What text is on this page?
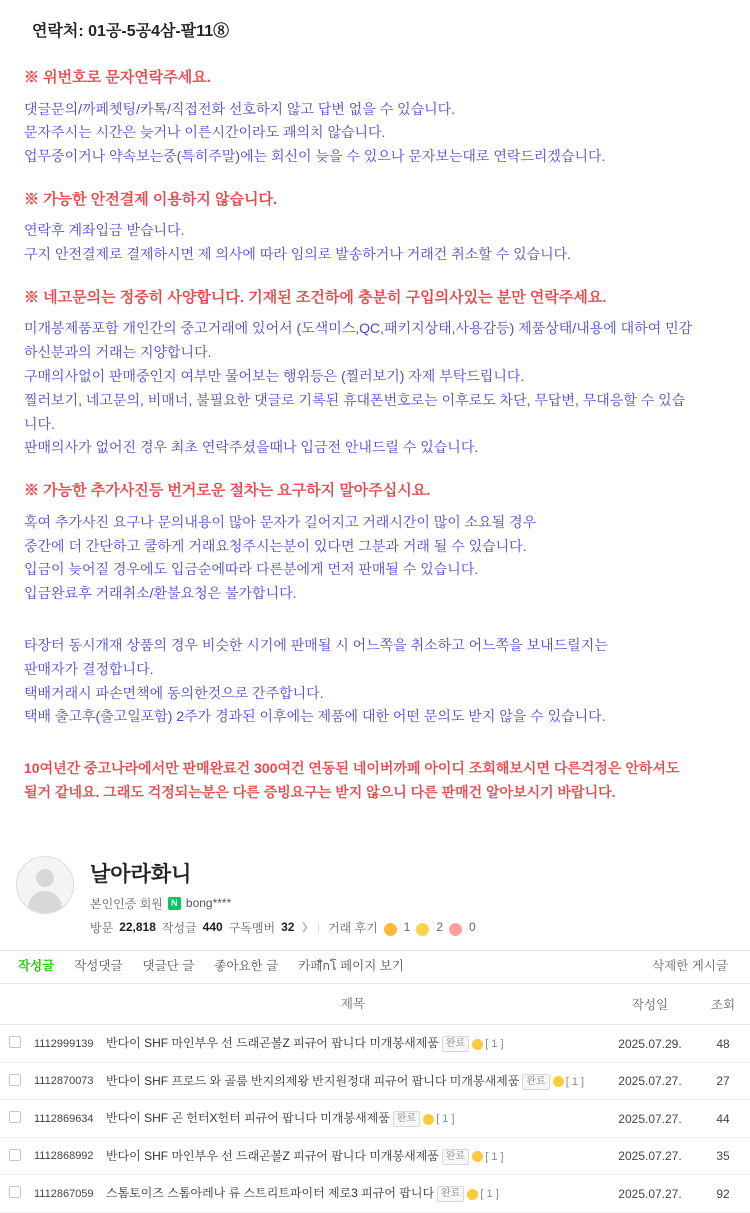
연락처: 01공-5공4삼-팔11⑧

※ 위번호로 문자연락주세요.

댓글문의/까페쳇팅/카톡/직접전화 선호하지 않고 답변 없을 수 있습니다.

문자주시는 시간은 늦거나 이른시간이라도 괘의치 않습니다.

업무중이거나 약속보는중(특히주말)에는 회신이 늦을 수 있으나 문자보는대로 연락드리겠습니다.

※ 가능한 안전결제 이용하지 않습니다.

연락후 계좌입금 받습니다.

구지 안전결제로 결제하시면 제 의사에 따라 임의로 발송하거나 거래건 취소할 수 있습니다.

※ 네고문의는 정중히 사양합니다. 기재된 조건하에 충분히 구입의사있는 분만 연락주세요.

미개봉제품포함 개인간의 중고거래에 있어서 (도색미스,QC,패키지상태,사용감등) 제품상태/내용에 대하여 민감

하신분과의 거래는 지양합니다.

구매의사없이 판매중인지 여부만 물어보는 행위등은 (찔러보기) 자제 부탁드립니다.

찔러보기, 네고문의, 비매너, 불필요한 댓글로 기록된 휴대폰번호로는 이후로도 차단, 무답변, 무대응할 수 있습

니다.

판매의사가 없어진 경우 최초 연락주셨을때나 입금전 안내드릴 수 있습니다.

※ 가능한 추가사진등 번거로운 절차는 요구하지 말아주십시요.

혹여 추가사진 요구나 문의내용이 많아 문자가 길어지고 거래시간이 많이 소요될 경우

중간에 더 간단하고 쿨하게 거래요청주시는분이 있다면 그분과 거래 될 수 있습니다.

입금이 늦어질 경우에도 입금순에따라 다른분에게 먼저 판매될 수 있습니다.

입금완료후 거래취소/환불요청은 불가합니다.

타장터 동시개재 상품의 경우 비슷한 시기에 판매될 시 어느쪽을 취소하고 어느쪽을 보내드릴지는

판매자가 결정합니다.

택배거래시 파손면책에 동의한것으로 간주합니다.

택배 출고후(출고일포함) 2주가 경과된 이후에는 제품에 대한 어떤 문의도 받지 않을 수 있습니다.

10여년간 중고나라에서만 판매완료건 300여건 연동된 네이버까페 아이디 조회해보시면 다른걱정은 안하셔도

될거 같네요. 그래도 걱정되는분은 다른 증빙요구는 받지 않으니 다른 판매건 알아보시기 바랍니다.

날아라화니
본인인증 회원 N bong****
방문 22,818 작성글 440 구독멤버 32 ❯ | 거래 후기 1 2 0
작성글	작성댓글	댓글단 글	좋아요한 글	카페ักโ 페이지 보기	삭제한 게시글
		제목	작성일	조회
	1112999139	반다이 SHF 마인부우 선 드래곤볼Z 피규어 팝니다 미개봉새제품 완료 [ 1 ]	2025.07.29.	48
	1112870073	반다이 SHF 프로드 와 골룸 반지의제왕 반지원정대 피규어 팝니다 미개봉새제품 완료 [ 1 ]	2025.07.27.	27
	1112869634	반다이 SHF 곤 헌터X헌터 피규어 팝니다 미개봉새제품 완료 [ 1 ]	2025.07.27.	44
	1112868992	반다이 SHF 마인부우 선 드래곤볼Z 피규어 팝니다 미개봉새제품 완료 [ 1 ]	2025.07.27.	35
	1112867059	스톰토이즈 스톰아레나 류 스트리트파이터 제로3 피규어 팝니다 완료 [ 1 ]	2025.07.27.	92
